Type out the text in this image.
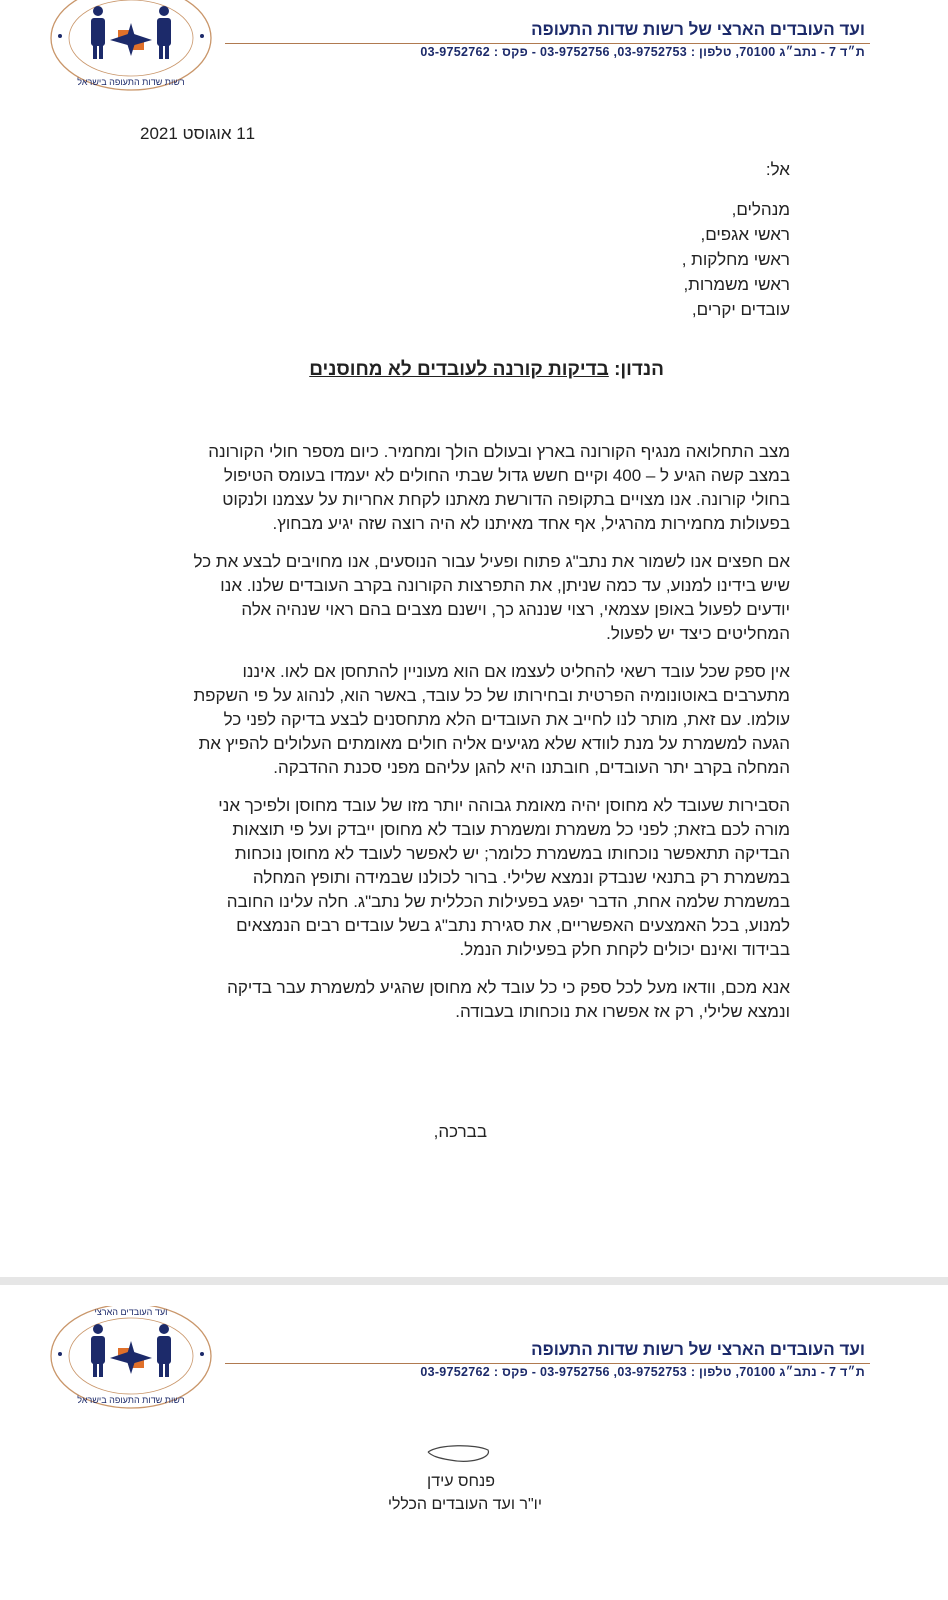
רשות שדות התעופה בישראל
ועד העובדים הארצי של רשות שדות התעופה
ת״ד 7 - נתב״ג 70100, טלפון : 03-9752753, 03-9752756 - פקס : 03-9752762
11 אוגוסט 2021
אל:
מנהלים,
ראשי אגפים,
ראשי מחלקות ,
ראשי משמרות,
עובדים יקרים,
הנדון: בדיקות קורנה לעובדים לא מחוסנים
מצב התחלואה מנגיף הקורונה בארץ ובעולם הולך ומחמיר. כיום מספר חולי הקורונה
במצב קשה הגיע ל – 400 וקיים חשש גדול שבתי החולים לא יעמדו בעומס הטיפול
בחולי קורונה. אנו מצויים בתקופה הדורשת מאתנו לקחת אחריות על עצמנו ולנקוט
בפעולות מחמירות מהרגיל, אף אחד מאיתנו לא היה רוצה שזה יגיע מבחוץ.
אם חפצים אנו לשמור את נתב"ג פתוח ופעיל עבור הנוסעים, אנו מחויבים לבצע את כל
שיש בידינו למנוע, עד כמה שניתן, את התפרצות הקורונה בקרב העובדים שלנו. אנו
יודעים לפעול באופן עצמאי, רצוי שננהג כך, וישנם מצבים בהם ראוי שנהיה אלה
המחליטים כיצד יש לפעול.
אין ספק שכל עובד רשאי להחליט לעצמו אם הוא מעוניין להתחסן אם לאו. איננו
מתערבים באוטונומיה הפרטית ובחירותו של כל עובד, באשר הוא, לנהוג על פי השקפת
עולמו. עם זאת, מותר לנו לחייב את העובדים הלא מתחסנים לבצע בדיקה לפני כל
הגעה למשמרת על מנת לוודא שלא מגיעים אליה חולים מאומתים העלולים להפיץ את
המחלה בקרב יתר העובדים, חובתנו היא להגן עליהם מפני סכנת ההדבקה.
הסבירות שעובד לא מחוסן יהיה מאומת גבוהה יותר מזו של עובד מחוסן ולפיכך אני
מורה לכם בזאת; לפני כל משמרת ומשמרת עובד לא מחוסן ייבדק ועל פי תוצאות
הבדיקה תתאפשר נוכחותו במשמרת כלומר; יש לאפשר לעובד לא מחוסן נוכחות
במשמרת רק בתנאי שנבדק ונמצא שלילי. ברור לכולנו שבמידה ותופץ המחלה
במשמרת שלמה אחת, הדבר יפגע בפעילות הכללית של נתב"ג. חלה עלינו החובה
למנוע, בכל האמצעים האפשריים, את סגירת נתב"ג בשל עובדים רבים הנמצאים
בבידוד ואינם יכולים לקחת חלק בפעילות הנמל.
אנא מכם, וודאו מעל לכל ספק כי כל עובד לא מחוסן שהגיע למשמרת עבר בדיקה
ונמצא שלילי, רק אז אפשרו את נוכחותו בעבודה.
בברכה,
רשות שדות התעופה בישראל
ועד העובדים הארצי
ועד העובדים הארצי של רשות שדות התעופה
ת״ד 7 - נתב״ג 70100, טלפון : 03-9752753, 03-9752756 - פקס : 03-9752762
פנחס עידן
יו"ר ועד העובדים הכללי
